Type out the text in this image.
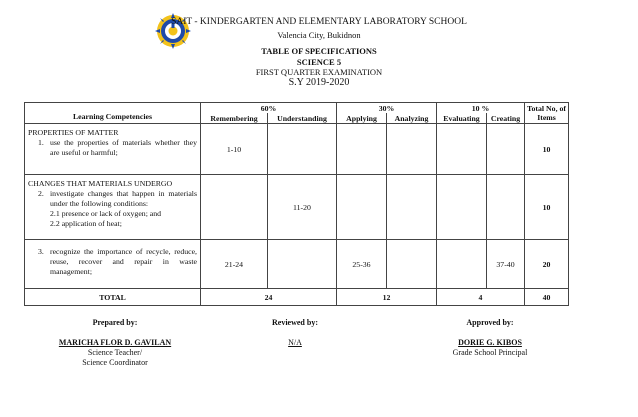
SAIT - KINDERGARTEN AND ELEMENTARY LABORATORY SCHOOL
Valencia City, Bukidnon
TABLE OF SPECIFICATIONS
SCIENCE 5
FIRST QUARTER EXAMINATION
S.Y 2019-2020
Learning Competencies	60%		30%		10 %		Total No, of Items
	Remembering	Understanding	Applying	Analyzing	Evaluating	Creating	

PROPERTIES OF MATTER
1. use the properties of materials whether they are useful or harmful;	1-10						10

CHANGES THAT MATERIALS UNDERGO
2. investigate changes that happen in materials under the following conditions:
2.1 presence or lack of oxygen; and
2.2 application of heat;		11-20					10

3. recognize the importance of recycle, reduce, reuse, recover and repair in waste management;	21-24		25-36			37-40	20
TOTAL	24		12		4		40
Prepared by:
MARICHA FLOR D. GAVILAN
Science Teacher/
Science Coordinator
Reviewed by:
N/A
Approved by:
DORIE G. KIBOS
Grade School Principal
